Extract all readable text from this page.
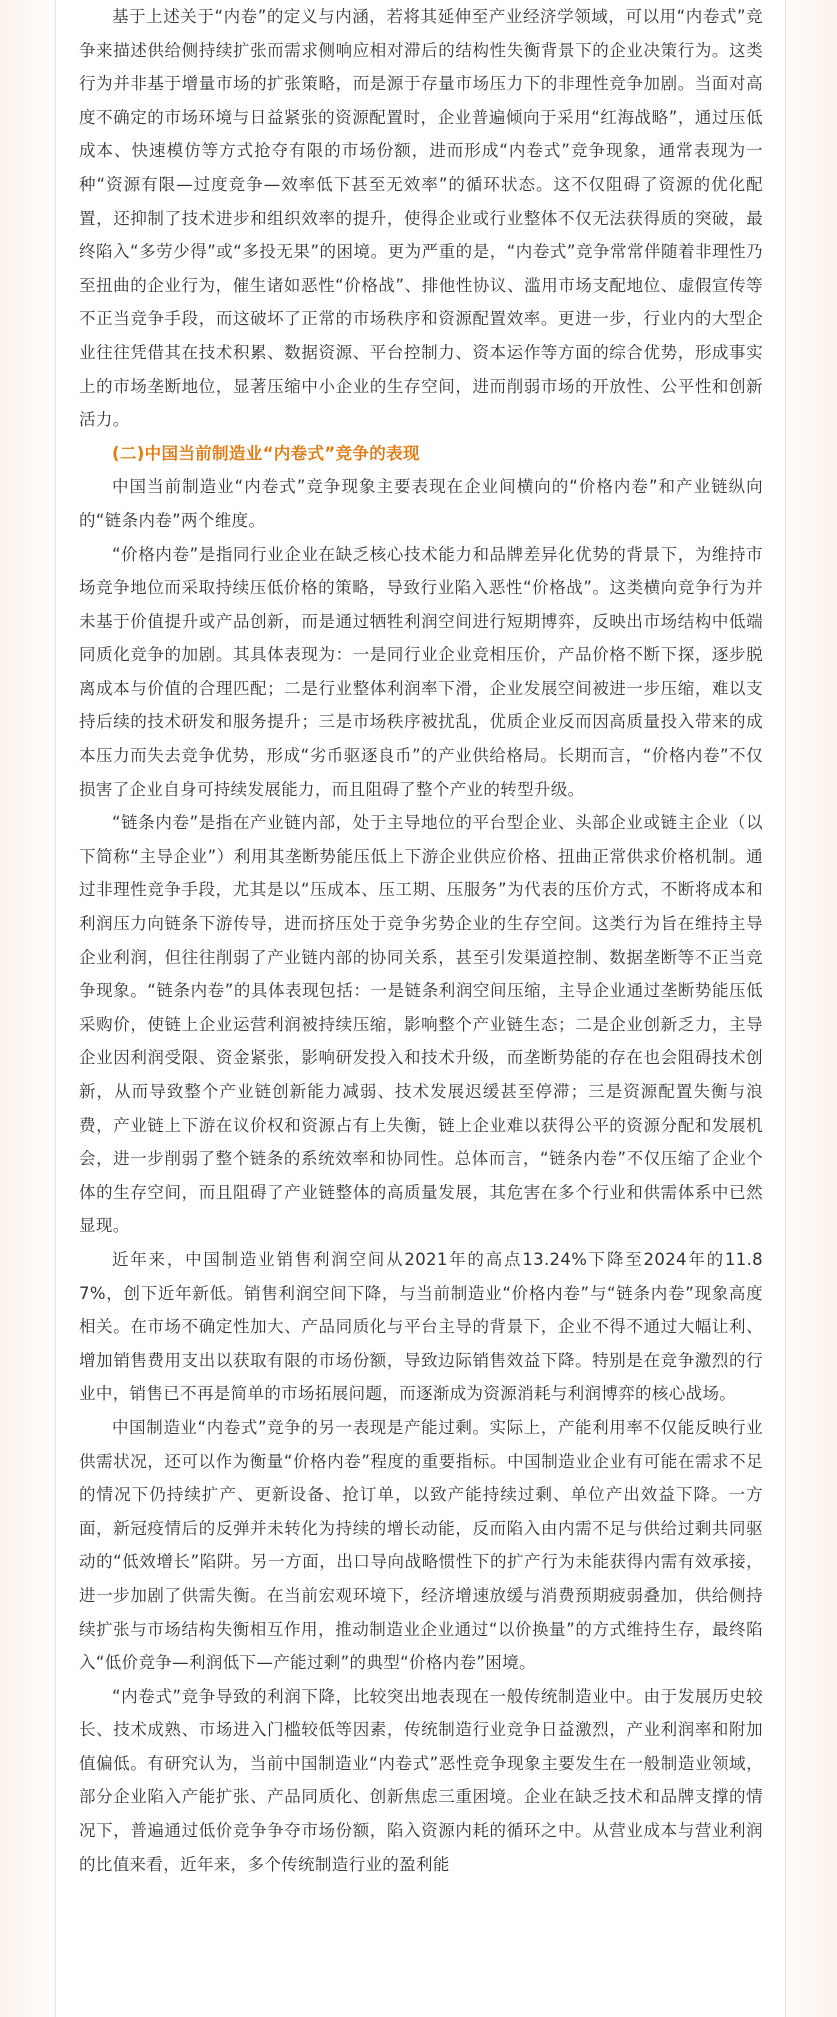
基于上述关于“内卷”的定义与内涵，若将其延伸至产业经济学领域，可以用“内卷式”竞争来描述供给侧持续扩张而需求侧响应相对滞后的结构性失衡背景下的企业决策行为。这类行为并非基于增量市场的扩张策略，而是源于存量市场压力下的非理性竞争加剧。当面对高度不确定的市场环境与日益紧张的资源配置时，企业普遍倾向于采用“红海战略”，通过压低成本、快速模仿等方式抢夺有限的市场份额，进而形成“内卷式”竞争现象，通常表现为一种“资源有限—过度竞争—效率低下甚至无效率”的循环状态。这不仅阻碍了资源的优化配置，还抑制了技术进步和组织效率的提升，使得企业或行业整体不仅无法获得质的突破，最终陷入“多劳少得”或“多投无果”的困境。更为严重的是，“内卷式”竞争常常伴随着非理性乃至扭曲的企业行为，催生诸如恶性“价格战”、排他性协议、滥用市场支配地位、虚假宣传等不正当竞争手段，而这破坏了正常的市场秩序和资源配置效率。更进一步，行业内的大型企业往往凭借其在技术积累、数据资源、平台控制力、资本运作等方面的综合优势，形成事实上的市场垄断地位，显著压缩中小企业的生存空间，进而削弱市场的开放性、公平性和创新活力。

(二)中国当前制造业“内卷式”竞争的表现

中国当前制造业“内卷式”竞争现象主要表现在企业间横向的“价格内卷”和产业链纵向的“链条内卷”两个维度。

“价格内卷”是指同行业企业在缺乏核心技术能力和品牌差异化优势的背景下，为维持市场竞争地位而采取持续压低价格的策略，导致行业陷入恶性“价格战”。这类横向竞争行为并未基于价值提升或产品创新，而是通过牺牲利润空间进行短期博弈，反映出市场结构中低端同质化竞争的加剧。其具体表现为：一是同行业企业竞相压价，产品价格不断下探，逐步脱离成本与价值的合理匹配；二是行业整体利润率下滑，企业发展空间被进一步压缩，难以支持后续的技术研发和服务提升；三是市场秩序被扰乱，优质企业反而因高质量投入带来的成本压力而失去竞争优势，形成“劣币驱逐良币”的产业供给格局。长期而言，“价格内卷”不仅损害了企业自身可持续发展能力，而且阻碍了整个产业的转型升级。

“链条内卷”是指在产业链内部，处于主导地位的平台型企业、头部企业或链主企业（以下简称“主导企业”）利用其垄断势能压低上下游企业供应价格、扭曲正常供求价格机制。通过非理性竞争手段，尤其是以“压成本、压工期、压服务”为代表的压价方式，不断将成本和利润压力向链条下游传导，进而挤压处于竞争劣势企业的生存空间。这类行为旨在维持主导企业利润，但往往削弱了产业链内部的协同关系，甚至引发渠道控制、数据垄断等不正当竞争现象。“链条内卷”的具体表现包括：一是链条利润空间压缩，主导企业通过垄断势能压低采购价，使链上企业运营利润被持续压缩，影响整个产业链生态；二是企业创新乏力，主导企业因利润受限、资金紧张，影响研发投入和技术升级，而垄断势能的存在也会阻碍技术创新，从而导致整个产业链创新能力减弱、技术发展迟缓甚至停滞；三是资源配置失衡与浪费，产业链上下游在议价权和资源占有上失衡，链上企业难以获得公平的资源分配和发展机会，进一步削弱了整个链条的系统效率和协同性。总体而言，“链条内卷”不仅压缩了企业个体的生存空间，而且阻碍了产业链整体的高质量发展，其危害在多个行业和供需体系中已然显现。

近年来，中国制造业销售利润空间从2021年的高点13.24%下降至2024年的11.87%，创下近年新低。销售利润空间下降，与当前制造业“价格内卷”与“链条内卷”现象高度相关。在市场不确定性加大、产品同质化与平台主导的背景下，企业不得不通过大幅让利、增加销售费用支出以获取有限的市场份额，导致边际销售效益下降。特别是在竞争激烈的行业中，销售已不再是简单的市场拓展问题，而逐渐成为资源消耗与利润博弈的核心战场。

中国制造业“内卷式”竞争的另一表现是产能过剩。实际上，产能利用率不仅能反映行业供需状况，还可以作为衡量“价格内卷”程度的重要指标。中国制造业企业有可能在需求不足的情况下仍持续扩产、更新设备、抢订单，以致产能持续过剩、单位产出效益下降。一方面，新冠疫情后的反弹并未转化为持续的增长动能，反而陷入由内需不足与供给过剩共同驱动的“低效增长”陷阱。另一方面，出口导向战略惯性下的扩产行为未能获得内需有效承接，进一步加剧了供需失衡。在当前宏观环境下，经济增速放缓与消费预期疲弱叠加，供给侧持续扩张与市场结构失衡相互作用，推动制造业企业通过“以价换量”的方式维持生存，最终陷入“低价竞争—利润低下—产能过剩”的典型“价格内卷”困境。

“内卷式”竞争导致的利润下降，比较突出地表现在一般传统制造业中。由于发展历史较长、技术成熟、市场进入门槛较低等因素，传统制造行业竞争日益激烈，产业利润率和附加值偏低。有研究认为，当前中国制造业“内卷式”恶性竞争现象主要发生在一般制造业领域，部分企业陷入产能扩张、产品同质化、创新焦虑三重困境。企业在缺乏技术和品牌支撑的情况下，普遍通过低价竞争争夺市场份额，陷入资源内耗的循环之中。从营业成本与营业利润的比值来看，近年来，多个传统制造行业的盈利能
